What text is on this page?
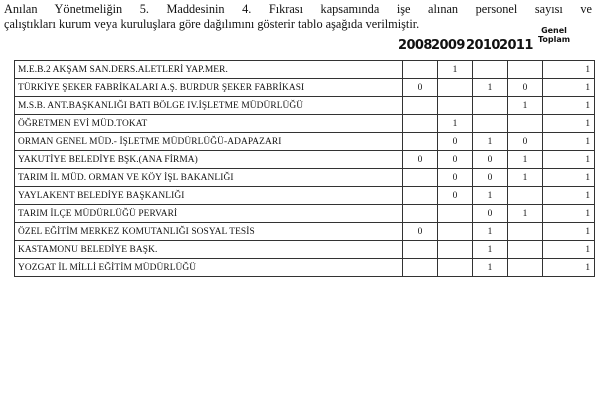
Anılan Yönetmeliğin 5. Maddesinin 4. Fıkrası kapsamında işe alınan personel sayısı ve
çalıştıkları kurum veya kuruluşlara göre dağılımını gösterir tablo aşağıda verilmiştir.
2008 2009 2010 2011
Genel
Toplam
M.E.B.2 AKŞAM SAN.DERS.ALETLERİ YAP.MER.		1			1
TÜRKİYE ŞEKER FABRİKALARI A.Ş. BURDUR ŞEKER FABRİKASI	0		1	0	1
M.S.B. ANT.BAŞKANLIĞI BATI BÖLGE IV.İŞLETME MÜDÜRLÜĞÜ				1	1
ÖĞRETMEN EVİ MÜD.TOKAT		1			1
ORMAN GENEL MÜD.- İŞLETME MÜDÜRLÜĞÜ-ADAPAZARI		0	1	0	1
YAKUTİYE BELEDİYE BŞK.(ANA FİRMA)	0	0	0	1	1
TARIM İL MÜD. ORMAN VE KÖY İŞL BAKANLIĞI		0	0	1	1
YAYLAKENT BELEDİYE BAŞKANLIĞI		0	1		1
TARIM İLÇE MÜDÜRLÜĞÜ PERVARİ			0	1	1
ÖZEL EĞİTİM MERKEZ KOMUTANLIĞI SOSYAL TESİS	0		1		1
KASTAMONU BELEDİYE BAŞK.			1		1
YOZGAT İL MİLLİ EĞİTİM MÜDÜRLÜĞÜ			1		1
